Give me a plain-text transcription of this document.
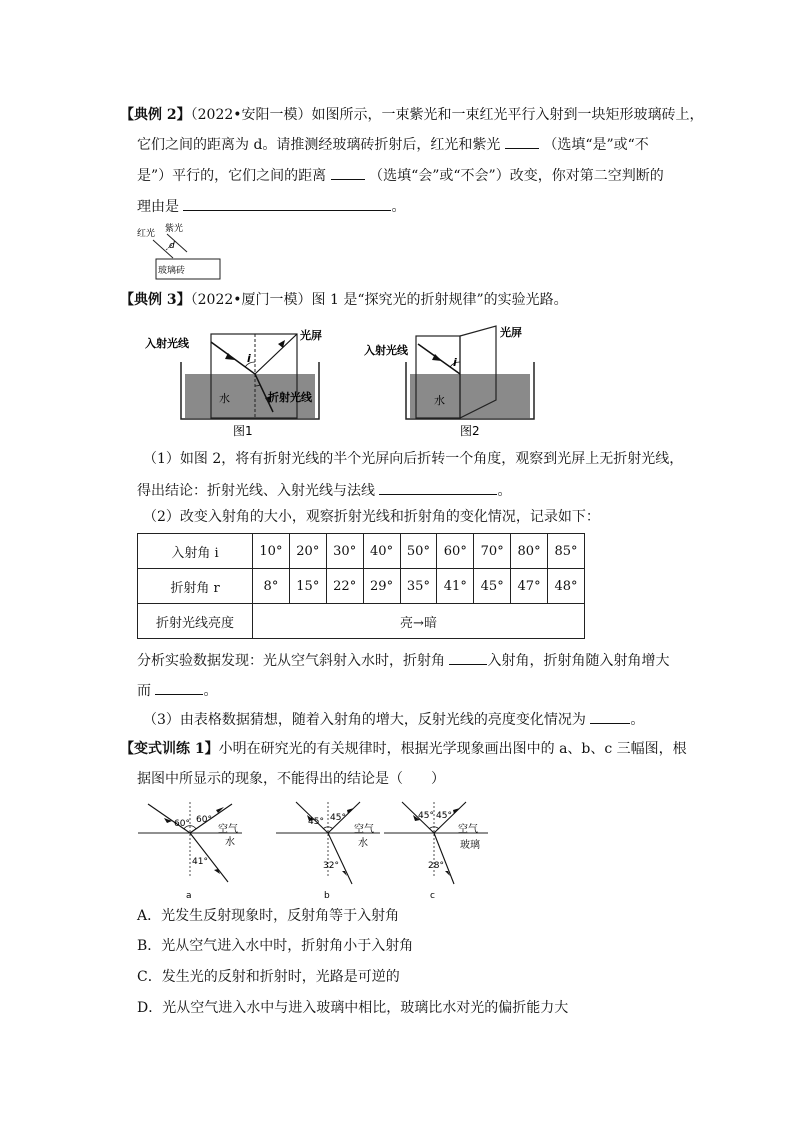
【典例 2】（2022•安阳一模）如图所示，一束紫光和一束红光平行入射到一块矩形玻璃砖上，
它们之间的距离为 d。请推测经玻璃砖折射后，红光和紫光	（选填“是”或“不
是”）平行的，它们之间的距离	（选填“会”或“不会”）改变，你对第二空判断的
理由是	。
红光 紫光
d
玻璃砖
【典例 3】（2022•厦门一模）图 1 是“探究光的折射规律”的实验光路。
入射光线
光屏
i
水	折射光线
图1
入射光线
光屏
i
水
图2
（1）如图 2，将有折射光线的半个光屏向后折转一个角度，观察到光屏上无折射光线，
得出结论：折射光线、入射光线与法线	。
（2）改变入射角的大小，观察折射光线和折射角的变化情况，记录如下：
入射角 i	10°	20°	30°	40°	50°	60°	70°	80°	85°
折射角 r	8°	15°	22°	29°	35°	41°	45°	47°	48°
折射光线亮度	亮→暗								
分析实验数据发现：光从空气斜射入水时，折射角	入射角，折射角随入射角增大
而	。
（3）由表格数据猜想，随着入射角的增大，反射光线的亮度变化情况为	。
【变式训练 1】小明在研究光的有关规律时，根据光学现象画出图中的 a、b、c 三幅图，根
据图中所显示的现象，不能得出的结论是（　　）
60° 60°
41°
空气
水
a
45° 45°
32°
空气
水
b
45° 45°
28°
空气
玻璃
c
A．光发生反射现象时，反射角等于入射角
B．光从空气进入水中时，折射角小于入射角
C．发生光的反射和折射时，光路是可逆的
D．光从空气进入水中与进入玻璃中相比，玻璃比水对光的偏折能力大
